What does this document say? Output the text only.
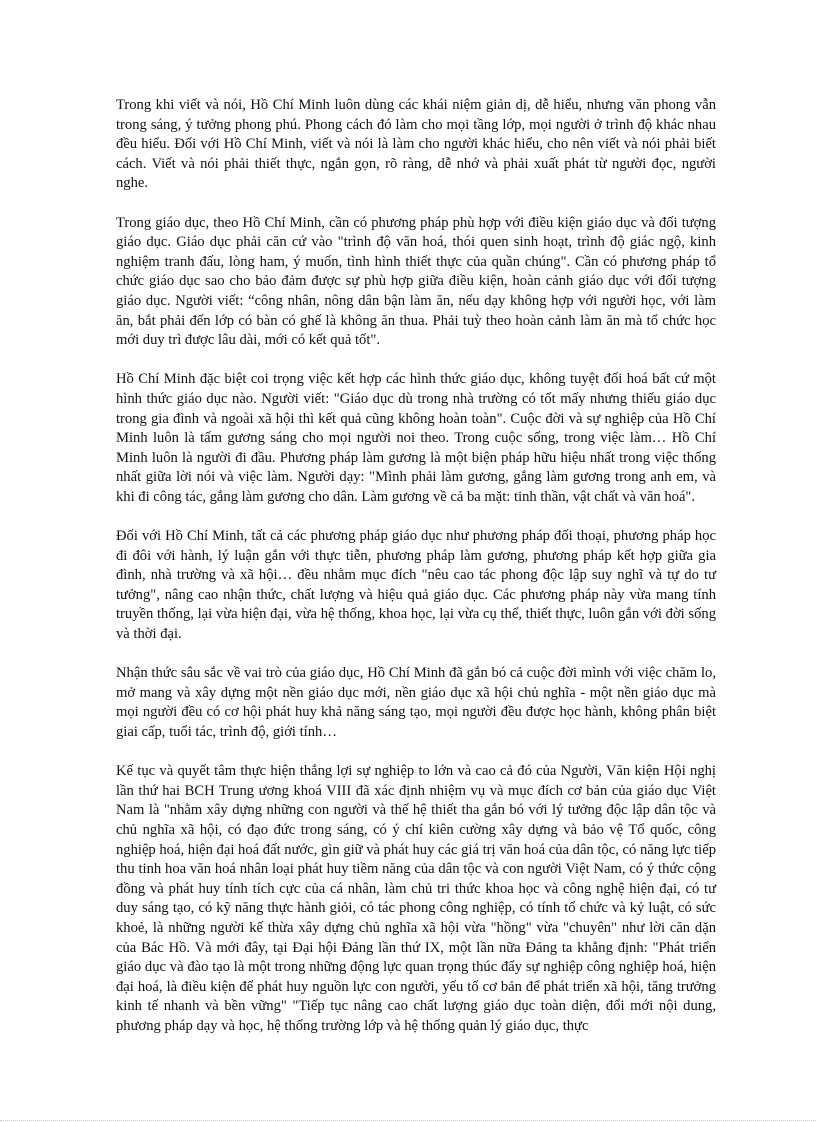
Trong khi viết và nói, Hồ Chí Minh luôn dùng các khái niệm giản dị, dễ hiểu, nhưng văn phong vẫn trong sáng, ý tưởng phong phú. Phong cách đó làm cho mọi tầng lớp, mọi người ở trình độ khác nhau đều hiểu. Đối với Hồ Chí Minh, viết và nói là làm cho người khác hiểu, cho nên viết và nói phải biết cách. Viết và nói phải thiết thực, ngắn gọn, rõ ràng, dễ nhớ và phải xuất phát từ người đọc, người nghe.

Trong giáo dục, theo Hồ Chí Minh, cần có phương pháp phù hợp với điều kiện giáo dục và đối tượng giáo dục. Giáo dục phải căn cứ vào "trình độ văn hoá, thói quen sinh hoạt, trình độ giác ngộ, kinh nghiệm tranh đấu, lòng ham, ý muốn, tình hình thiết thực của quần chúng". Cần có phương pháp tổ chức giáo dục sao cho bảo đảm được sự phù hợp giữa điều kiện, hoàn cảnh giáo dục với đối tượng giáo dục. Người viết: “công nhân, nông dân bận làm ăn, nếu dạy không hợp với người học, với làm ăn, bắt phải đến lớp có bàn có ghế là không ăn thua. Phải tuỳ theo hoàn cảnh làm ăn mà tổ chức học mới duy trì được lâu dài, mới có kết quả tốt".

Hồ Chí Minh đặc biệt coi trọng việc kết hợp các hình thức giáo dục, không tuyệt đối hoá bất cứ một hình thức giáo dục nào. Người viết: "Giáo dục dù trong nhà trường có tốt mấy nhưng thiếu giáo dục trong gia đình và ngoài xã hội thì kết quả cũng không hoàn toàn". Cuộc đời và sự nghiệp của Hồ Chí Minh luôn là tấm gương sáng cho mọi người noi theo. Trong cuộc sống, trong việc làm… Hồ Chí Minh luôn là người đi đầu. Phương pháp làm gương là một biện pháp hữu hiệu nhất trong việc thống nhất giữa lời nói và việc làm. Người dạy: "Mình phải làm gương, gắng làm gương trong anh em, và khi đi công tác, gắng làm gương cho dân. Làm gương về cả ba mặt: tinh thần, vật chất và văn hoá".

Đối với Hồ Chí Minh, tất cả các phương pháp giáo dục như phương pháp đối thoại, phương pháp học đi đôi với hành, lý luận gắn với thực tiễn, phương pháp làm gương, phương pháp kết hợp giữa gia đình, nhà trường và xã hội… đều nhằm mục đích "nêu cao tác phong độc lập suy nghĩ và tự do tư tưởng", nâng cao nhận thức, chất lượng và hiệu quả giáo dục. Các phương pháp này vừa mang tính truyền thống, lại vừa hiện đại, vừa hệ thống, khoa học, lại vừa cụ thể, thiết thực, luôn gắn với đời sống và thời đại.

Nhận thức sâu sắc về vai trò của giáo dục, Hồ Chí Minh đã gắn bó cả cuộc đời mình với việc chăm lo, mở mang và xây dựng một nền giáo dục mới, nền giáo dục xã hội chủ nghĩa - một nền giáo dục mà mọi người đều có cơ hội phát huy khả năng sáng tạo, mọi người đều được học hành, không phân biệt giai cấp, tuổi tác, trình độ, giới tính…

Kế tục và quyết tâm thực hiện thắng lợi sự nghiệp to lớn và cao cả đó của Người, Văn kiện Hội nghị lần thứ hai BCH Trung ương khoá VIII đã xác định nhiệm vụ và mục đích cơ bản của giáo dục Việt Nam là "nhằm xây dựng những con người và thế hệ thiết tha gắn bó với lý tưởng độc lập dân tộc và chủ nghĩa xã hội, có đạo đức trong sáng, có ý chí kiên cường xây dựng và bảo vệ Tổ quốc, công nghiệp hoá, hiện đại hoá đất nước, gìn giữ và phát huy các giá trị văn hoá của dân tộc, có năng lực tiếp thu tinh hoa văn hoá nhân loại phát huy tiềm năng của dân tộc và con người Việt Nam, có ý thức cộng đồng và phát huy tính tích cực của cá nhân, làm chủ tri thức khoa học và công nghệ hiện đại, có tư duy sáng tạo, có kỹ năng thực hành giỏi, có tác phong công nghiệp, có tính tổ chức và kỷ luật, có sức khoẻ, là những người kế thừa xây dựng chủ nghĩa xã hội vừa "hồng" vừa "chuyên" như lời căn dặn của Bác Hồ. Và mới đây, tại Đại hội Đảng lần thứ IX, một lần nữa Đảng ta khẳng định: "Phát triển giáo dục và đào tạo là một trong những động lực quan trọng thúc đẩy sự nghiệp công nghiệp hoá, hiện đại hoá, là điều kiện để phát huy nguồn lực con người, yếu tố cơ bản để phát triển xã hội, tăng trưởng kinh tế nhanh và bền vững" "Tiếp tục nâng cao chất lượng giáo dục toàn diện, đổi mới nội dung, phương pháp dạy và học, hệ thống trường lớp và hệ thống quản lý giáo dục, thực
